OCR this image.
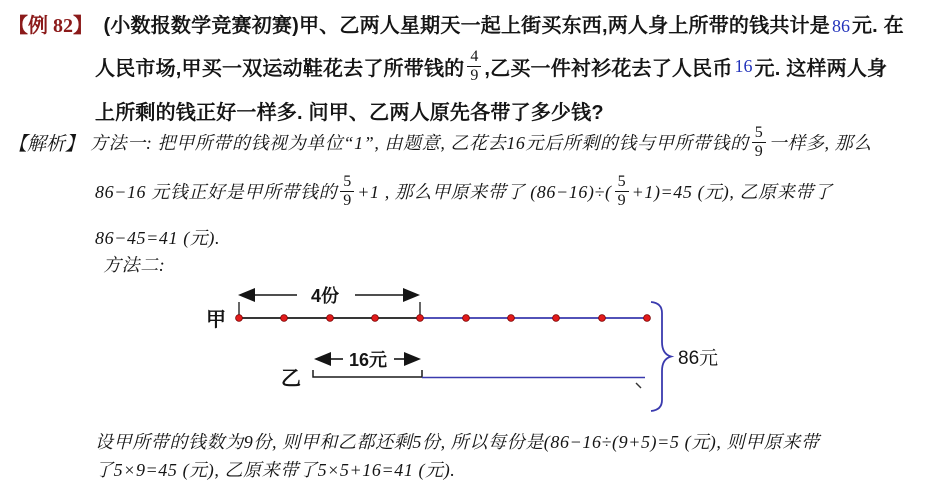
【例 82】 (小数报数学竞赛初赛)甲、乙两人星期天一起上街买东西,两人身上所带的钱共计是 86 元. 在
人民市场,甲买一双运动鞋花去了所带钱的 $\frac{4}{9}$ ,乙买一件衬衫花去了人民币 16 元. 这样两人身
上所剩的钱正好一样多. 问甲、乙两人原先各带了多少钱?
【解析】 方法一: 把甲所带的钱视为单位“1”, 由题意, 乙花去16元后所剩的钱与甲所带钱的 $\frac{5}{9}$ 一样多, 那么
86−16 元钱正好是甲所带钱的 $\frac{5}{9} +1$ , 那么甲原来带了 $(86-16)\div( \frac{5}{9} +1)=45$ (元), 乙原来带了
86−45=41 (元).
方法二:
甲
4份
16元
乙
86元
设甲所带的钱数为9份, 则甲和乙都还剩5份, 所以每份是(86−16÷(9+5)=5 (元), 则甲原来带
了5×9=45 (元), 乙原来带了5×5+16=41 (元).
